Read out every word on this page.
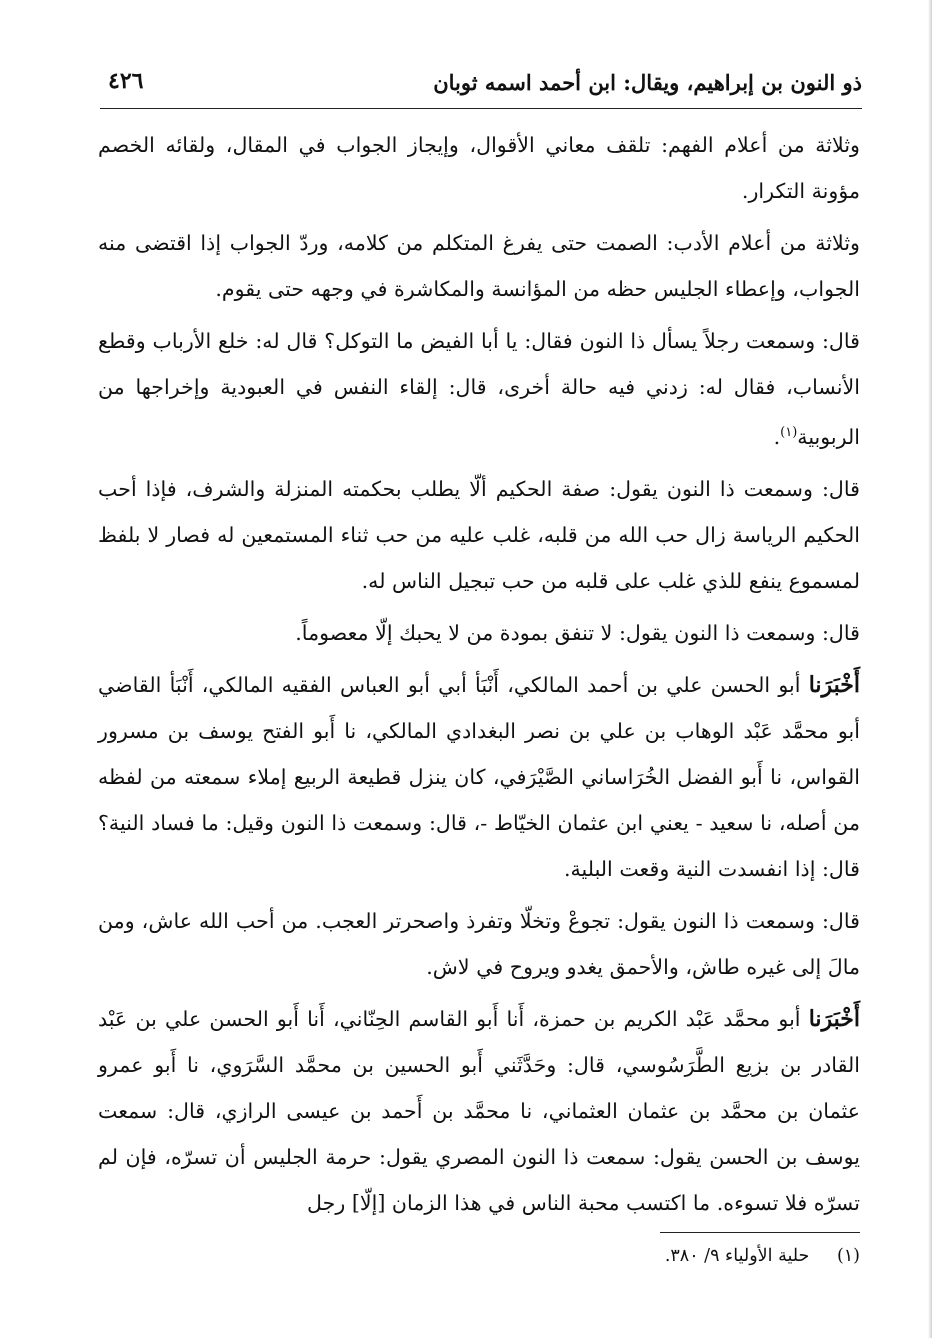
ذو النون بن إبراهيم، ويقال: ابن أحمد اسمه ثوبان
٤٢٦

وثلاثة من أعلام الفهم: تلقف معاني الأقوال، وإيجاز الجواب في المقال، ولقائه الخصم مؤونة التكرار.

وثلاثة من أعلام الأدب: الصمت حتى يفرغ المتكلم من كلامه، وردّ الجواب إذا اقتضى منه الجواب، وإعطاء الجليس حظه من المؤانسة والمكاشرة في وجهه حتى يقوم.

قال: وسمعت رجلاً يسأل ذا النون فقال: يا أبا الفيض ما التوكل؟ قال له: خلع الأرباب وقطع الأنساب، فقال له: زدني فيه حالة أخرى، قال: إلقاء النفس في العبودية وإخراجها من الربوبية$^{(١)}$.

قال: وسمعت ذا النون يقول: صفة الحكيم ألّا يطلب بحكمته المنزلة والشرف، فإذا أحب الحكيم الرياسة زال حب الله من قلبه، غلب عليه من حب ثناء المستمعين له فصار لا بلفظ لمسموع ينفع للذي غلب على قلبه من حب تبجيل الناس له.

قال: وسمعت ذا النون يقول: لا تنفق بمودة من لا يحبك إلّا معصوماً.

أَخْبَرَنا أبو الحسن علي بن أحمد المالكي، أَنْبَأ أبي أبو العباس الفقيه المالكي، أَنْبَأ القاضي أبو محمَّد عَبْد الوهاب بن علي بن نصر البغدادي المالكي، نا أَبو الفتح يوسف بن مسرور القواس، نا أَبو الفضل الخُرَاساني الصَّيْرَفي، كان ينزل قطيعة الربيع إملاء سمعته من لفظه من أصله، نا سعيد - يعني ابن عثمان الخيّاط -، قال: وسمعت ذا النون وقيل: ما فساد النية؟ قال: إذا انفسدت النية وقعت البلية.

قال: وسمعت ذا النون يقول: تجوعْ وتخلّا وتفرذ واصحرتر العجب. من أحب الله عاش، ومن مالَ إلى غيره طاش، والأحمق يغدو ويروح في لاش.

أَخْبَرَنا أبو محمَّد عَبْد الكريم بن حمزة، أَنا أَبو القاسم الحِنّاني، أَنا أَبو الحسن علي بن عَبْد القادر بن بزيع الطَّرَسُوسي، قال: وحَدَّثَني أَبو الحسين بن محمَّد السَّرَوي، نا أَبو عمرو عثمان بن محمَّد بن عثمان العثماني، نا محمَّد بن أَحمد بن عيسى الرازي، قال: سمعت يوسف بن الحسن يقول: سمعت ذا النون المصري يقول: حرمة الجليس أن تسرّه، فإن لم تسرّه فلا تسوءه. ما اكتسب محبة الناس في هذا الزمان [إلّا] رجل

(١) حلية الأولياء ٩/ ٣٨٠.
